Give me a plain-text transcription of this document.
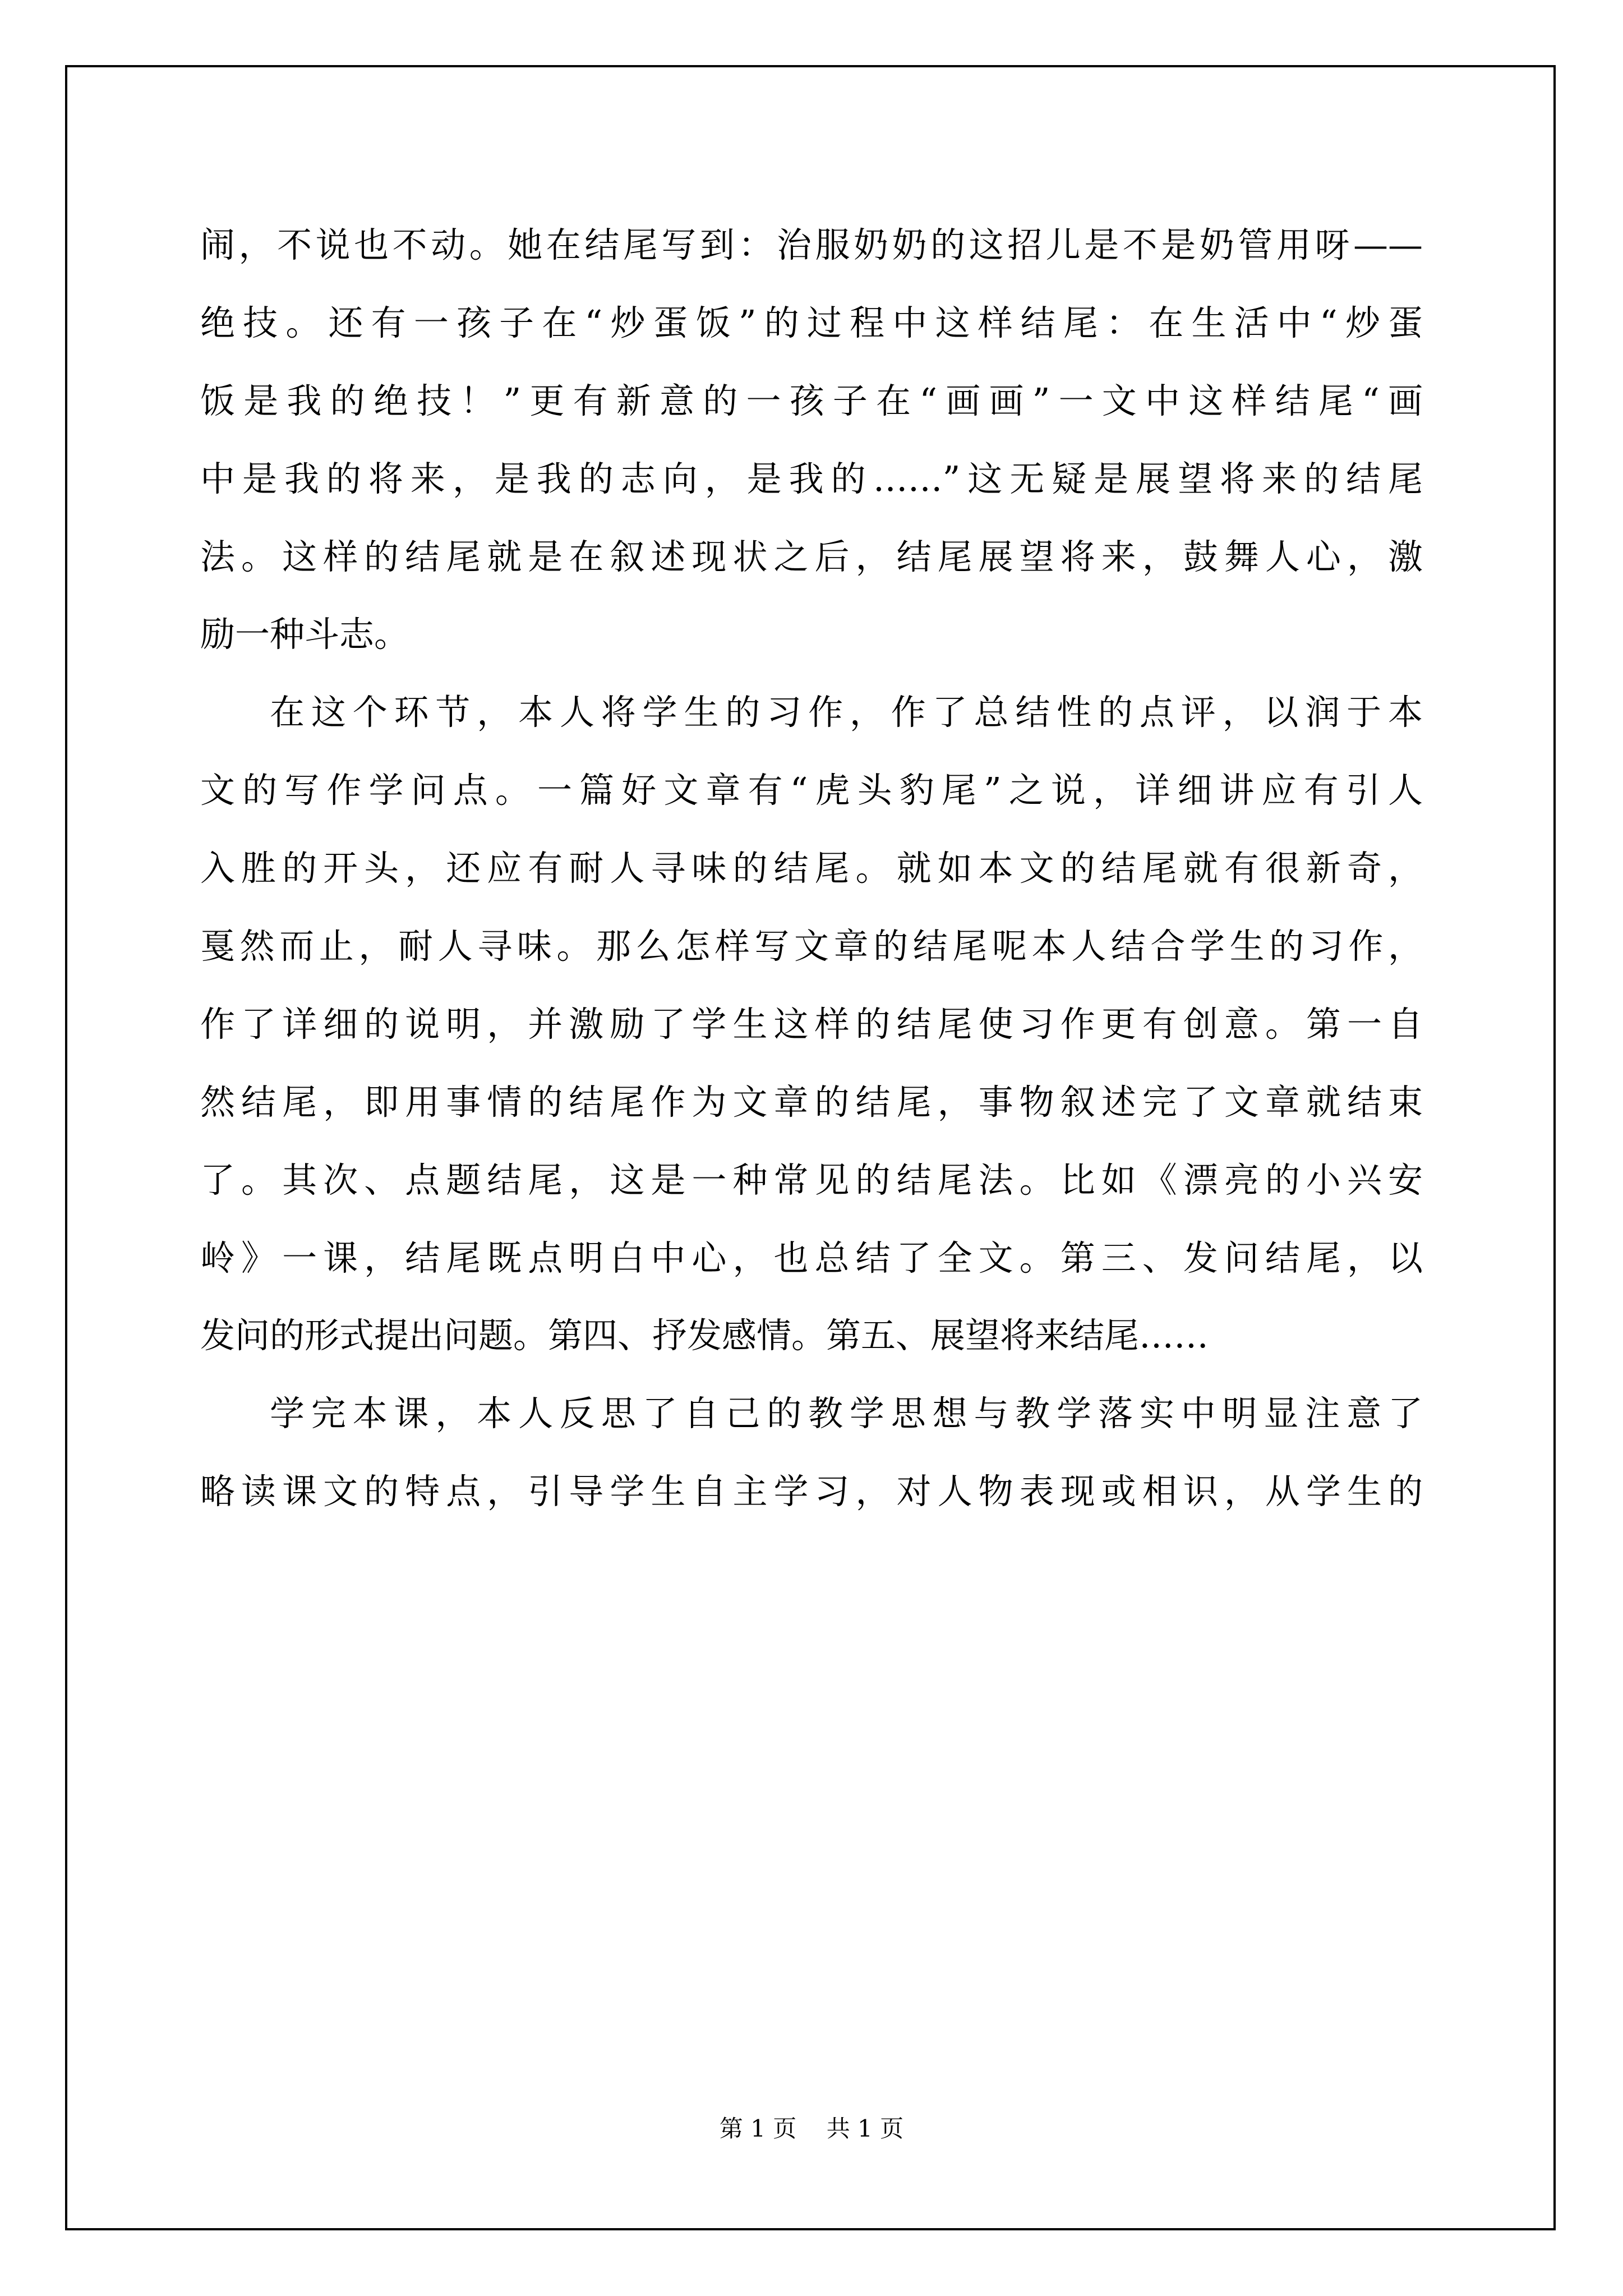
闹，不说也不动。她在结尾写到：治服奶奶的这招儿是不是奶管用呀——
绝技。还有一孩子在“炒蛋饭”的过程中这样结尾：在生活中“炒蛋
饭是我的绝技！”更有新意的一孩子在“画画”一文中这样结尾“画
中是我的将来，是我的志向，是我的……”这无疑是展望将来的结尾
法。这样的结尾就是在叙述现状之后，结尾展望将来，鼓舞人心，激
励一种斗志。
在这个环节，本人将学生的习作，作了总结性的点评，以润于本
文的写作学问点。一篇好文章有“虎头豹尾”之说，详细讲应有引人
入胜的开头，还应有耐人寻味的结尾。就如本文的结尾就有很新奇，
戛然而止，耐人寻味。那么怎样写文章的结尾呢本人结合学生的习作，
作了详细的说明，并激励了学生这样的结尾使习作更有创意。第一自
然结尾，即用事情的结尾作为文章的结尾，事物叙述完了文章就结束
了。其次、点题结尾，这是一种常见的结尾法。比如《漂亮的小兴安
岭》一课，结尾既点明白中心，也总结了全文。第三、发问结尾，以
发问的形式提出问题。第四、抒发感情。第五、展望将来结尾……
学完本课，本人反思了自己的教学思想与教学落实中明显注意了
略读课文的特点，引导学生自主学习，对人物表现或相识，从学生的
第 1 页    共 1 页
